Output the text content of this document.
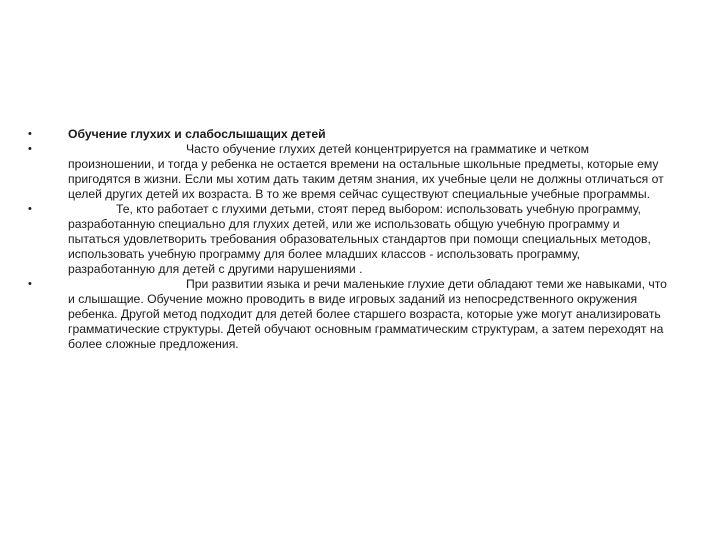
•	Обучение глухих и слабослышащих детей
•	Часто обучение глухих детей концентрируется на грамматике и четком произношении, и тогда у ребенка не остается времени на остальные школьные предметы, которые ему пригодятся в жизни. Если мы хотим дать таким детям знания, их учебные цели не должны отличаться от целей других детей их возраста. В то же время сейчас существуют специальные учебные программы.
•	Те, кто работает с глухими детьми, стоят перед выбором: использовать учебную программу, разработанную специально для глухих детей, или же использовать общую учебную программу и пытаться удовлетворить требования образовательных стандартов при помощи специальных методов, использовать учебную программу для более младших классов - использовать программу, разработанную для детей с другими нарушениями .
•	При развитии языка и речи маленькие глухие дети обладают теми же навыками, что и слышащие. Обучение можно проводить в виде игровых заданий из непосредственного окружения ребенка. Другой метод подходит для детей более старшего возраста, которые уже могут анализировать грамматические структуры. Детей обучают основным грамматическим структурам, а затем переходят на более сложные предложения.
